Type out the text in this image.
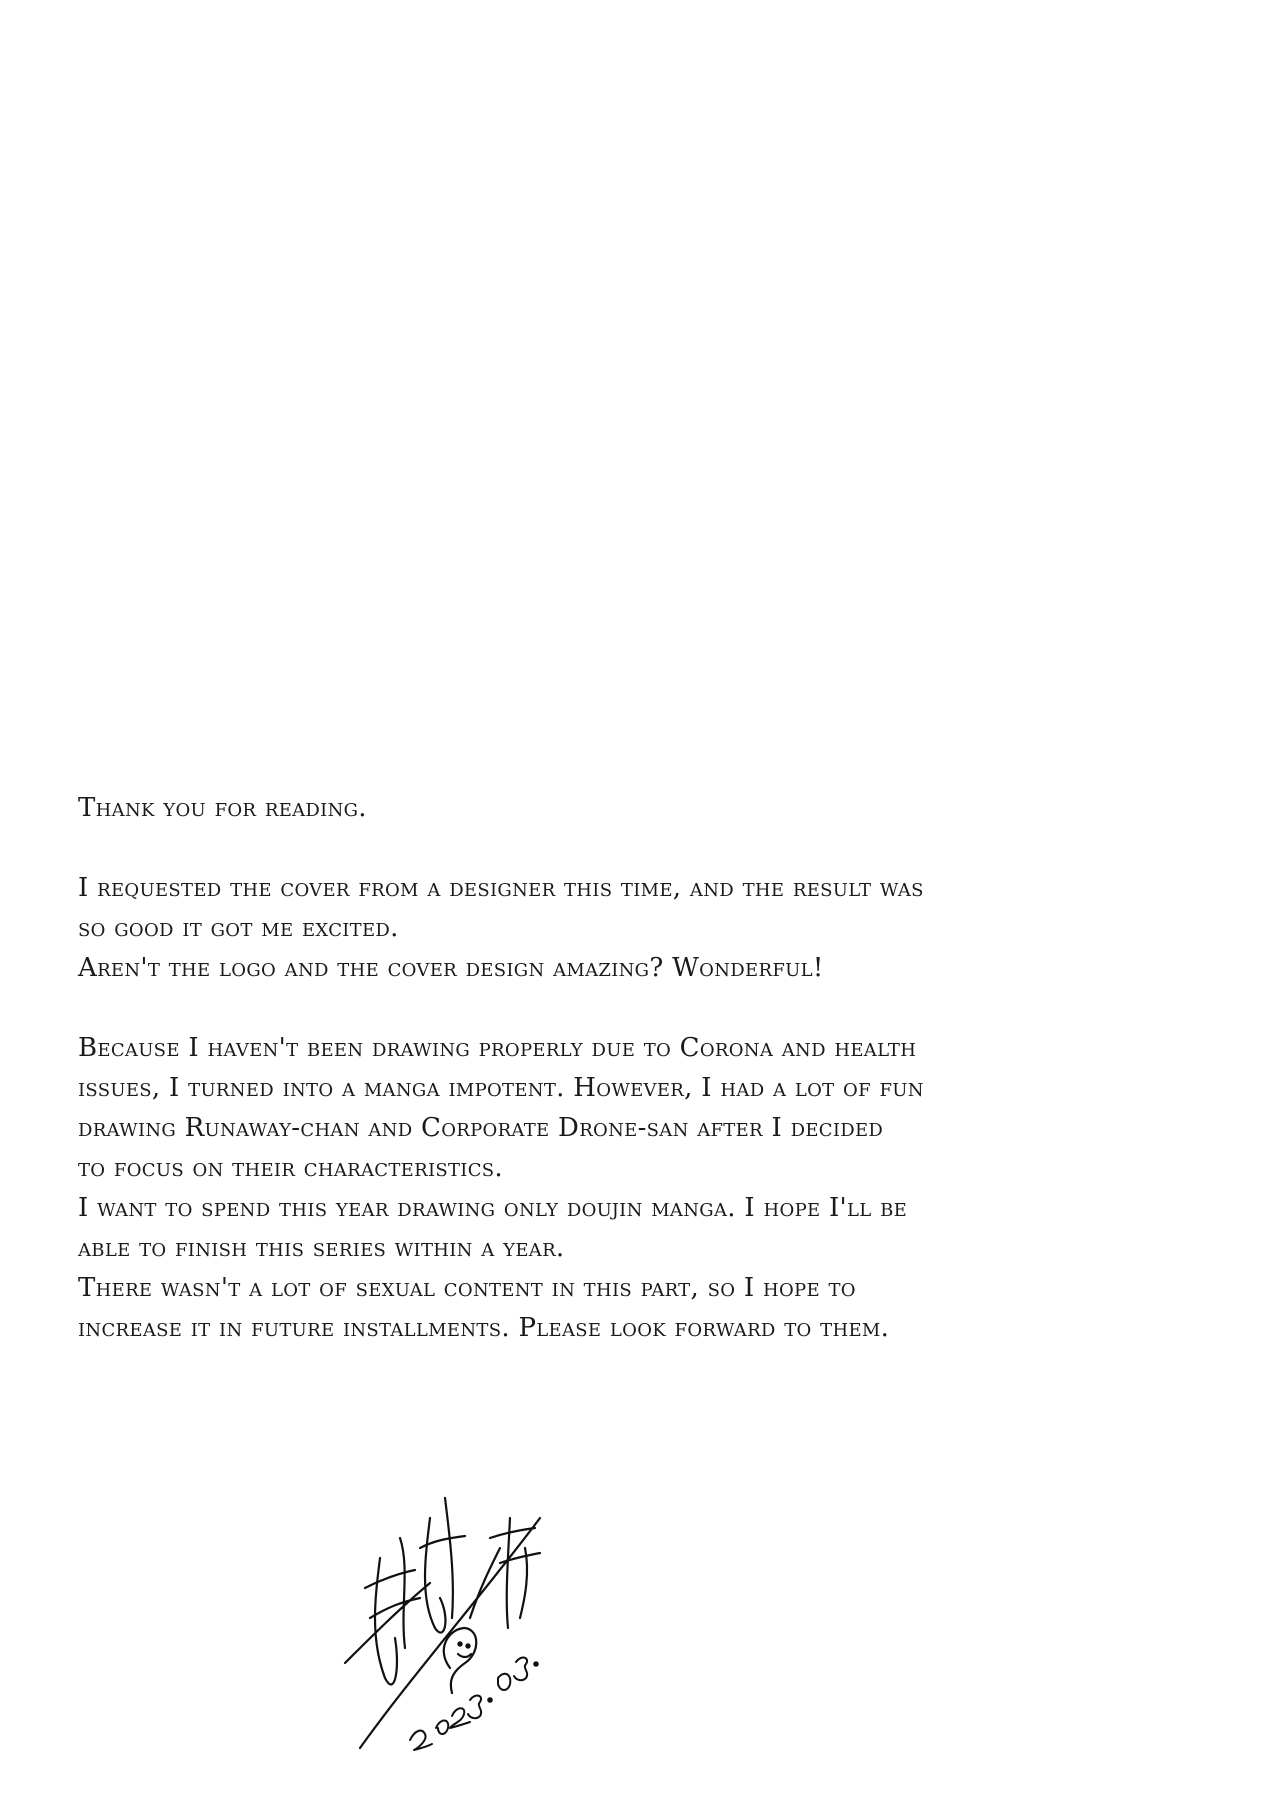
Thank you for reading.

I requested the cover from a designer this time, and the result was
so good it got me excited.
Aren't the logo and the cover design amazing? Wonderful!

Because I haven't been drawing properly due to Corona and health
issues, I turned into a manga impotent. However, I had a lot of fun
drawing Runaway-chan and Corporate Drone-san after I decided
to focus on their characteristics.
I want to spend this year drawing only doujin manga. I hope I'll be
able to finish this series within a year.
There wasn't a lot of sexual content in this part, so I hope to
increase it in future installments. Please look forward to them.
